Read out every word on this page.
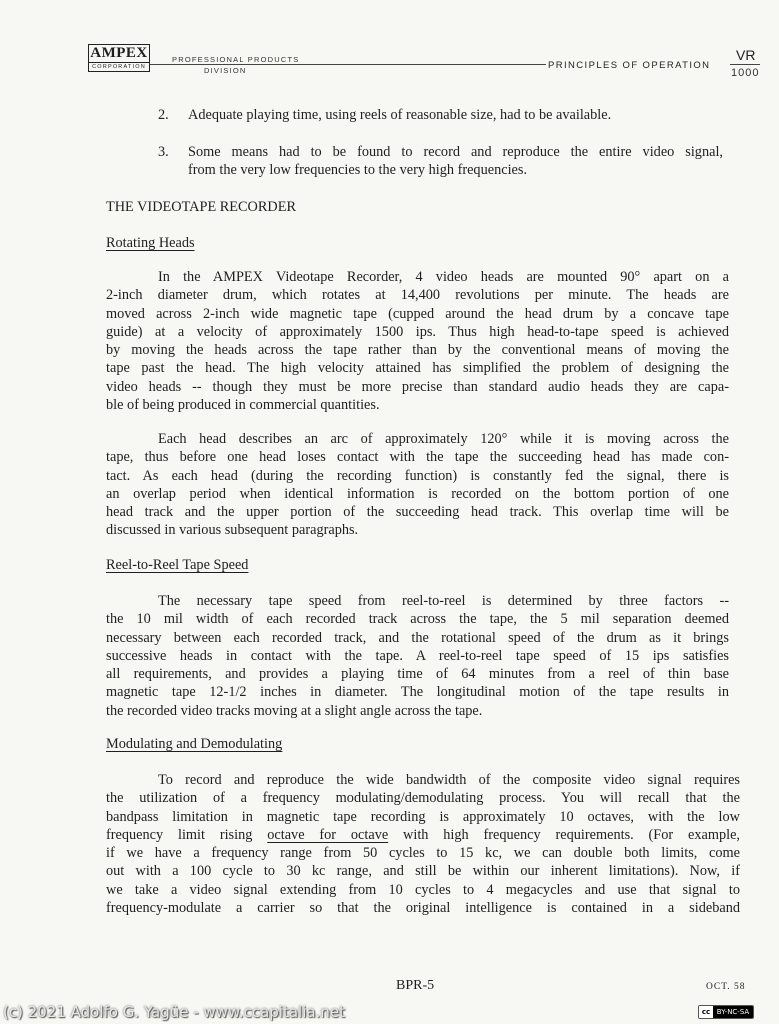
AMPEX
CORPORATION
PROFESSIONAL PRODUCTS
DIVISION	PRINCIPLES OF OPERATION
VR
1000
2. Adequate playing time, using reels of reasonable size, had to be available.
3. Some means had to be found to record and reproduce the entire video signal,
from the very low frequencies to the very high frequencies.
THE VIDEOTAPE RECORDER
Rotating Heads
In the AMPEX Videotape Recorder, 4 video heads are mounted 90° apart on a
2-inch diameter drum, which rotates at 14,400 revolutions per minute. The heads are
moved across 2-inch wide magnetic tape (cupped around the head drum by a concave tape
guide) at a velocity of approximately 1500 ips. Thus high head-to-tape speed is achieved
by moving the heads across the tape rather than by the conventional means of moving the
tape past the head. The high velocity attained has simplified the problem of designing the
video heads -- though they must be more precise than standard audio heads they are capa-
ble of being produced in commercial quantities.
Each head describes an arc of approximately 120° while it is moving across the
tape, thus before one head loses contact with the tape the succeeding head has made con-
tact. As each head (during the recording function) is constantly fed the signal, there is
an overlap period when identical information is recorded on the bottom portion of one
head track and the upper portion of the succeeding head track. This overlap time will be
discussed in various subsequent paragraphs.
Reel-to-Reel Tape Speed
The necessary tape speed from reel-to-reel is determined by three factors --
the 10 mil width of each recorded track across the tape, the 5 mil separation deemed
necessary between each recorded track, and the rotational speed of the drum as it brings
successive heads in contact with the tape. A reel-to-reel tape speed of 15 ips satisfies
all requirements, and provides a playing time of 64 minutes from a reel of thin base
magnetic tape 12-1/2 inches in diameter. The longitudinal motion of the tape results in
the recorded video tracks moving at a slight angle across the tape.
Modulating and Demodulating
To record and reproduce the wide bandwidth of the composite video signal requires
the utilization of a frequency modulating/demodulating process. You will recall that the
bandpass limitation in magnetic tape recording is approximately 10 octaves, with the low
frequency limit rising octave for octave with high frequency requirements. (For example,
if we have a frequency range from 50 cycles to 15 kc, we can double both limits, come
out with a 100 cycle to 30 kc range, and still be within our inherent limitations). Now, if
we take a video signal extending from 10 cycles to 4 megacycles and use that signal to
frequency-modulate a carrier so that the original intelligence is contained in a sideband
BPR-5	OCT. 58
(c) 2021 Adolfo G. Yagüe - www.ccapitalia.net	cc BY-NC-SA
